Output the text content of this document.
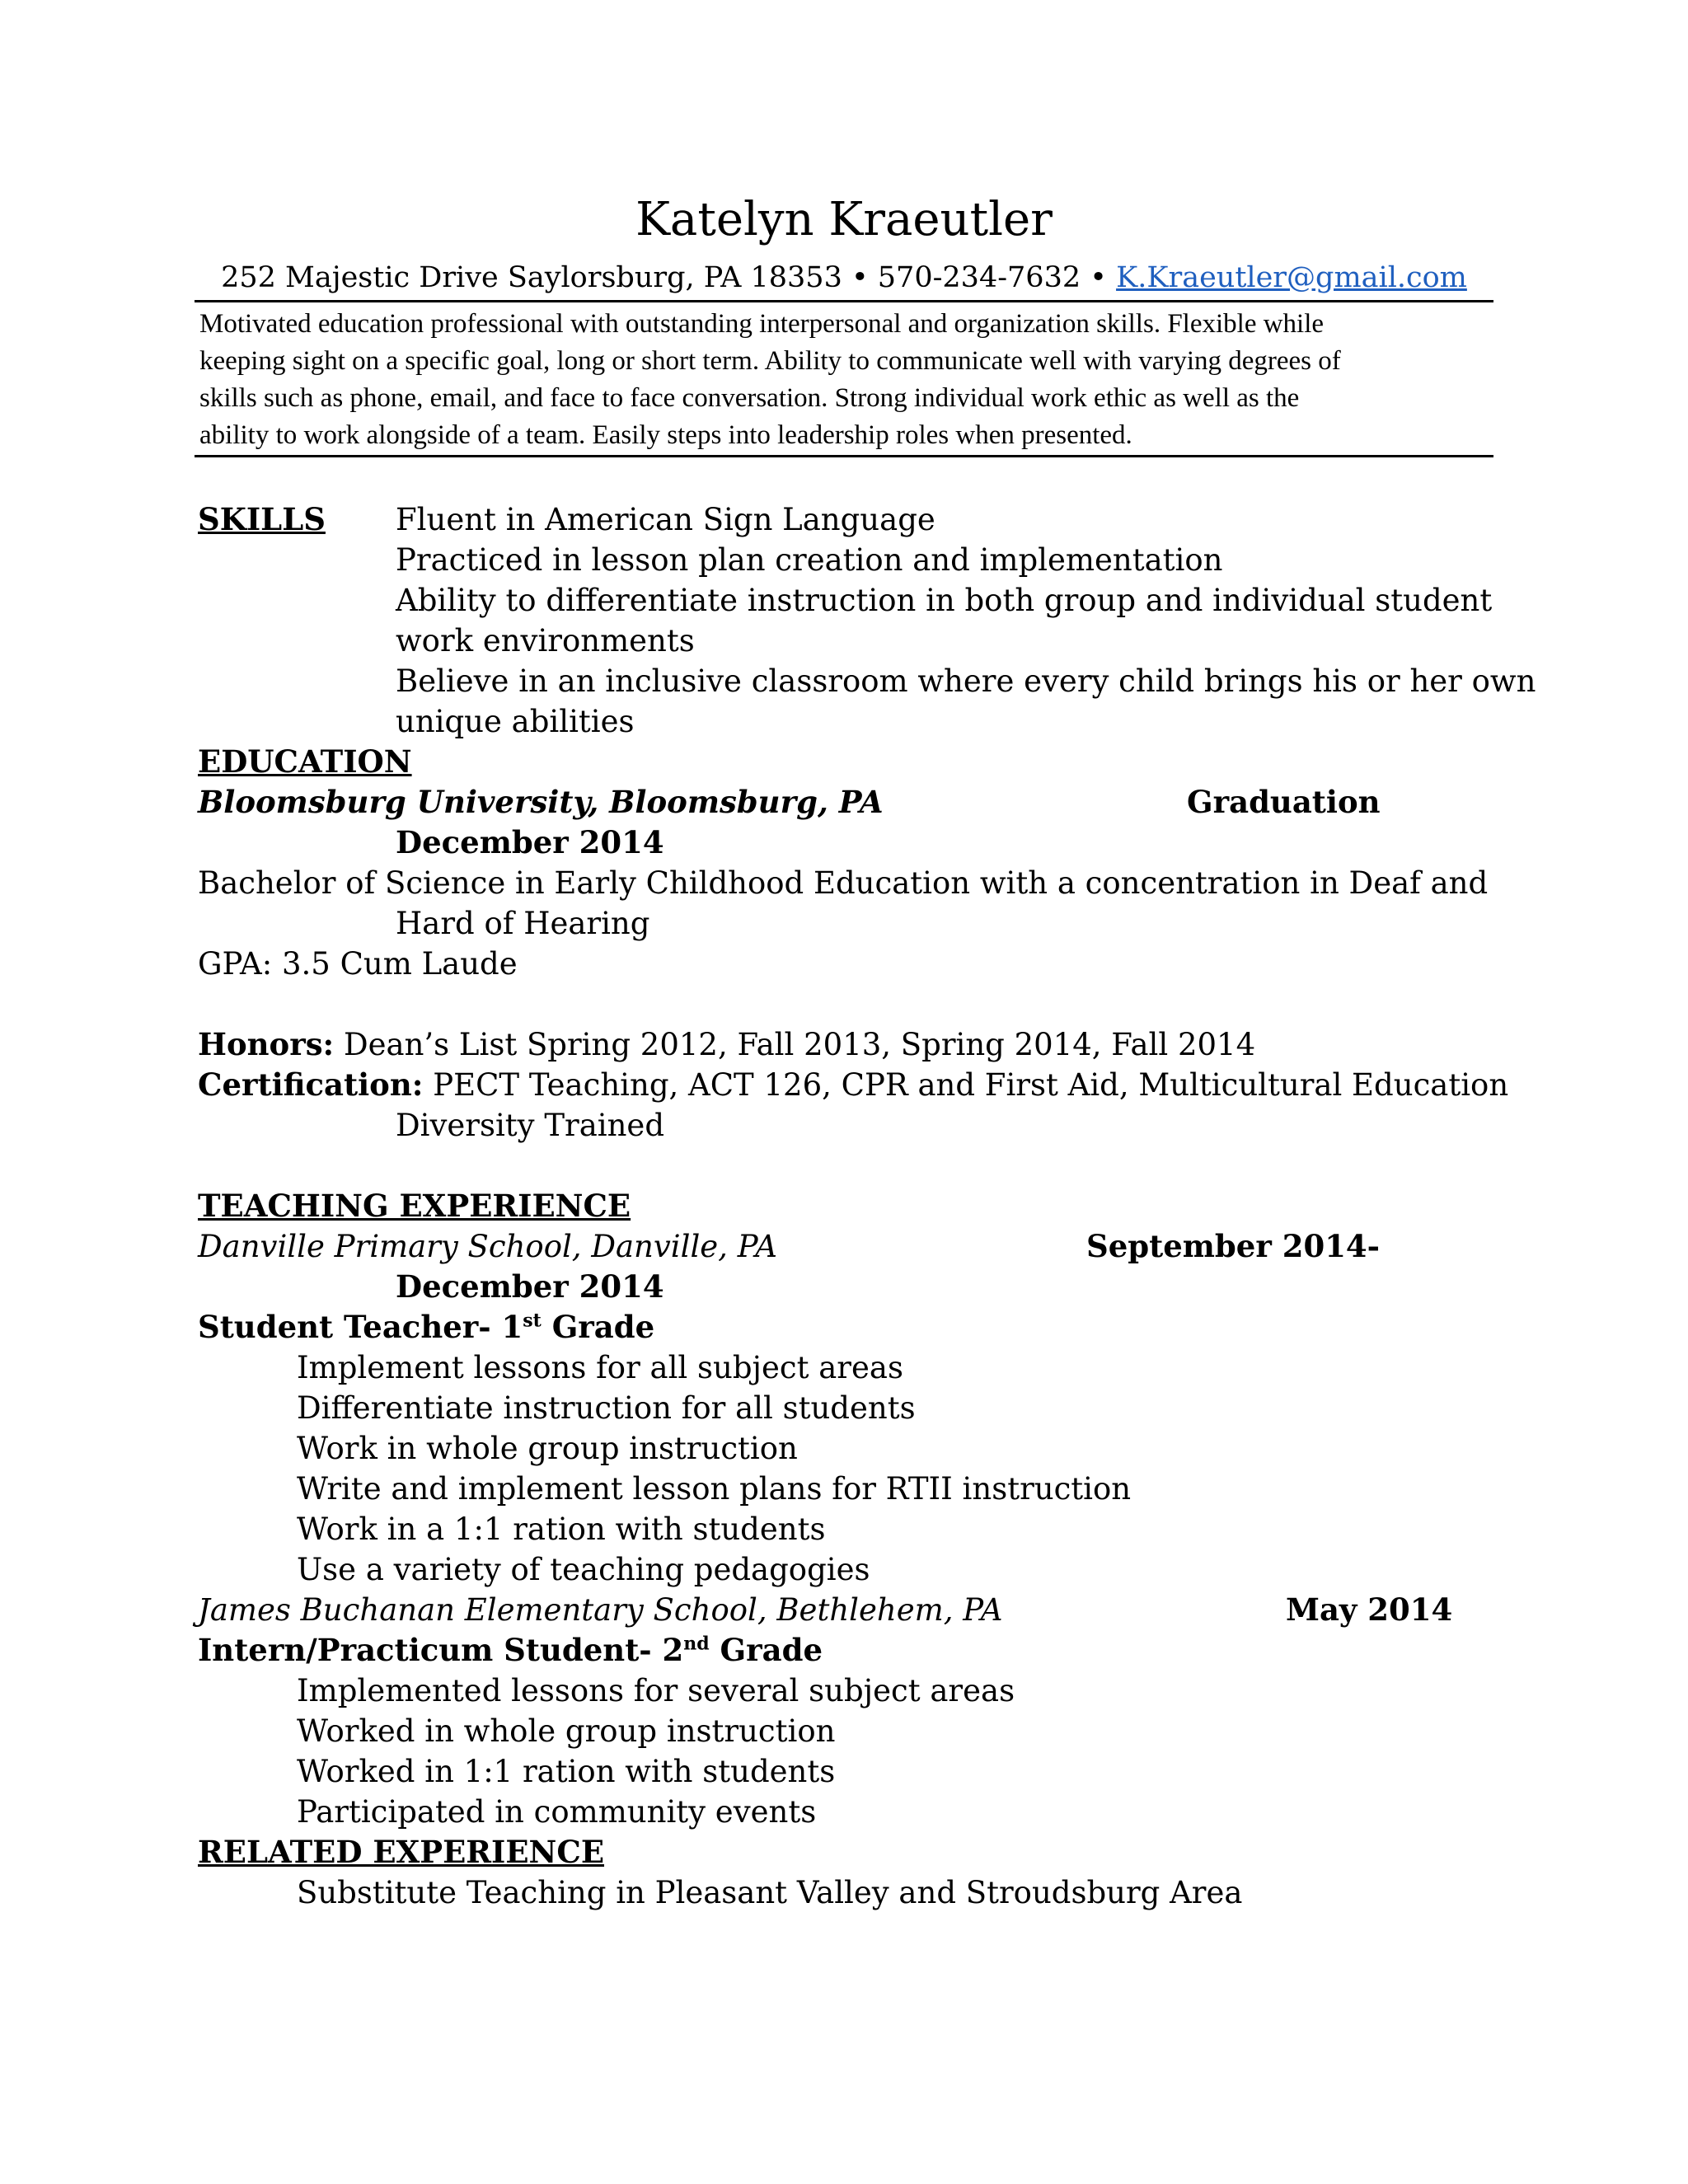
Katelyn Kraeutler
252 Majestic Drive Saylorsburg, PA 18353 • 570-234-7632 • K.Kraeutler@gmail.com
Motivated education professional with outstanding interpersonal and organization skills. Flexible while
keeping sight on a specific goal, long or short term. Ability to communicate well with varying degrees of
skills such as phone, email, and face to face conversation. Strong individual work ethic as well as the
ability to work alongside of a team. Easily steps into leadership roles when presented.
SKILLS Fluent in American Sign Language
Practiced in lesson plan creation and implementation
Ability to differentiate instruction in both group and individual student
work environments
Believe in an inclusive classroom where every child brings his or her own
unique abilities
EDUCATION
Bloomsburg University, Bloomsburg, PA	Graduation
December 2014
Bachelor of Science in Early Childhood Education with a concentration in Deaf and
Hard of Hearing
GPA: 3.5 Cum Laude
Honors: Dean’s List Spring 2012, Fall 2013, Spring 2014, Fall 2014
Certification: PECT Teaching, ACT 126, CPR and First Aid, Multicultural Education
Diversity Trained
TEACHING EXPERIENCE
Danville Primary School, Danville, PA	September 2014-
December 2014
Student Teacher- 1st Grade
Implement lessons for all subject areas
Differentiate instruction for all students
Work in whole group instruction
Write and implement lesson plans for RTII instruction
Work in a 1:1 ration with students
Use a variety of teaching pedagogies
James Buchanan Elementary School, Bethlehem, PA	May 2014
Intern/Practicum Student- 2nd Grade
Implemented lessons for several subject areas
Worked in whole group instruction
Worked in 1:1 ration with students
Participated in community events
RELATED EXPERIENCE
Substitute Teaching in Pleasant Valley and Stroudsburg Area
